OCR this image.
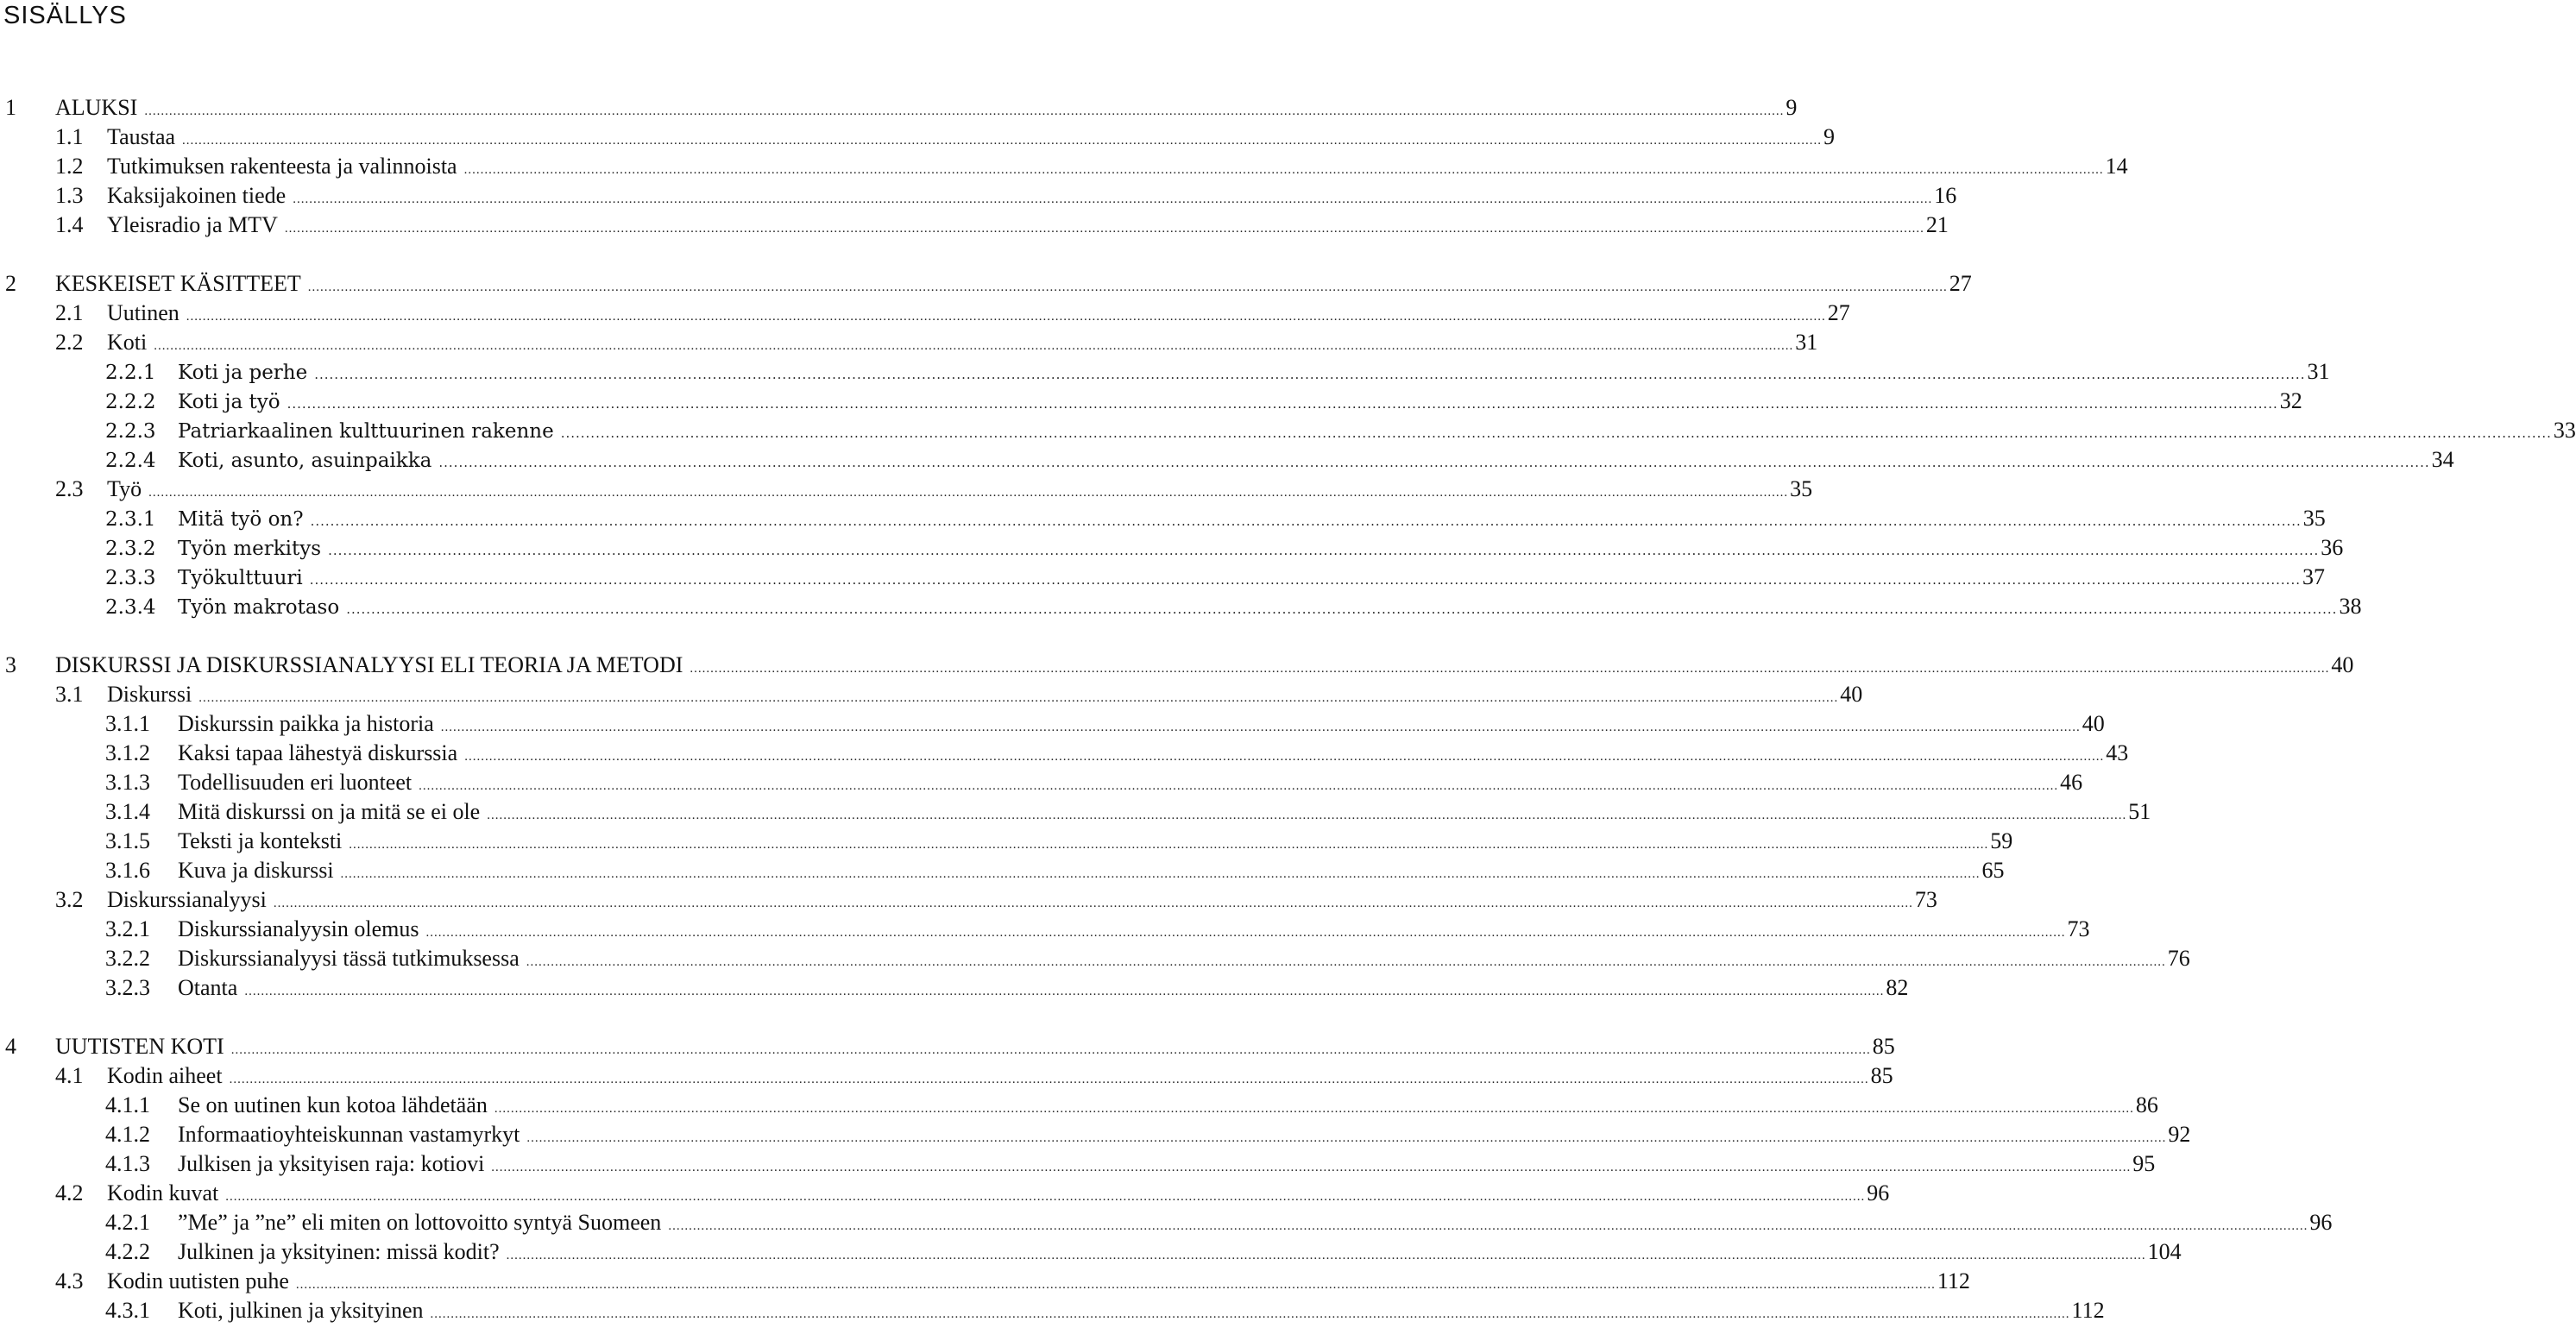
SISÄLLYS
1	ALUKSI ................................................................................................................................................................................................................................................................................................................................................................................................................ 9
1.1	Taustaa ................................................................................................................................................................................................................................................................................................................................................................................................................ 9
1.2	Tutkimuksen rakenteesta ja valinnoista ................................................................................................................................................................................................................................................................................................................................................................................................................ 14
1.3	Kaksijakoinen tiede ................................................................................................................................................................................................................................................................................................................................................................................................................ 16
1.4	Yleisradio ja MTV ................................................................................................................................................................................................................................................................................................................................................................................................................ 21
2	KESKEISET KÄSITTEET ................................................................................................................................................................................................................................................................................................................................................................................................................ 27
2.1	Uutinen ................................................................................................................................................................................................................................................................................................................................................................................................................ 27
2.2	Koti ................................................................................................................................................................................................................................................................................................................................................................................................................ 31
2.2.1	Koti ja perhe ................................................................................................................................................................................................................................................................................................................................................................................................................ 31
2.2.2	Koti ja työ ................................................................................................................................................................................................................................................................................................................................................................................................................ 32
2.2.3	Patriarkaalinen kulttuurinen rakenne ................................................................................................................................................................................................................................................................................................................................................................................................................ 33
2.2.4	Koti, asunto, asuinpaikka ................................................................................................................................................................................................................................................................................................................................................................................................................ 34
2.3	Työ ................................................................................................................................................................................................................................................................................................................................................................................................................ 35
2.3.1	Mitä työ on? ................................................................................................................................................................................................................................................................................................................................................................................................................ 35
2.3.2	Työn merkitys ................................................................................................................................................................................................................................................................................................................................................................................................................ 36
2.3.3	Työkulttuuri ................................................................................................................................................................................................................................................................................................................................................................................................................ 37
2.3.4	Työn makrotaso ................................................................................................................................................................................................................................................................................................................................................................................................................ 38
3	DISKURSSI JA DISKURSSIANALYYSI ELI TEORIA JA METODI ................................................................................................................................................................................................................................................................................................................................................................................................................ 40
3.1	Diskurssi ................................................................................................................................................................................................................................................................................................................................................................................................................ 40
3.1.1	Diskurssin paikka ja historia ................................................................................................................................................................................................................................................................................................................................................................................................................ 40
3.1.2	Kaksi tapaa lähestyä diskurssia ................................................................................................................................................................................................................................................................................................................................................................................................................ 43
3.1.3	Todellisuuden eri luonteet ................................................................................................................................................................................................................................................................................................................................................................................................................ 46
3.1.4	Mitä diskurssi on ja mitä se ei ole ................................................................................................................................................................................................................................................................................................................................................................................................................ 51
3.1.5	Teksti ja konteksti ................................................................................................................................................................................................................................................................................................................................................................................................................ 59
3.1.6	Kuva ja diskurssi ................................................................................................................................................................................................................................................................................................................................................................................................................ 65
3.2	Diskurssianalyysi ................................................................................................................................................................................................................................................................................................................................................................................................................ 73
3.2.1	Diskurssianalyysin olemus ................................................................................................................................................................................................................................................................................................................................................................................................................ 73
3.2.2	Diskurssianalyysi tässä tutkimuksessa ................................................................................................................................................................................................................................................................................................................................................................................................................ 76
3.2.3	Otanta ................................................................................................................................................................................................................................................................................................................................................................................................................ 82
4	UUTISTEN KOTI ................................................................................................................................................................................................................................................................................................................................................................................................................ 85
4.1	Kodin aiheet ................................................................................................................................................................................................................................................................................................................................................................................................................ 85
4.1.1	Se on uutinen kun kotoa lähdetään ................................................................................................................................................................................................................................................................................................................................................................................................................ 86
4.1.2	Informaatioyhteiskunnan vastamyrkyt ................................................................................................................................................................................................................................................................................................................................................................................................................ 92
4.1.3	Julkisen ja yksityisen raja: kotiovi ................................................................................................................................................................................................................................................................................................................................................................................................................ 95
4.2	Kodin kuvat ................................................................................................................................................................................................................................................................................................................................................................................................................ 96
4.2.1	”Me” ja ”ne” eli miten on lottovoitto syntyä Suomeen ................................................................................................................................................................................................................................................................................................................................................................................................................ 96
4.2.2	Julkinen ja yksityinen: missä kodit? ................................................................................................................................................................................................................................................................................................................................................................................................................ 104
4.3	Kodin uutisten puhe ................................................................................................................................................................................................................................................................................................................................................................................................................ 112
4.3.1	Koti, julkinen ja yksityinen ................................................................................................................................................................................................................................................................................................................................................................................................................ 112
